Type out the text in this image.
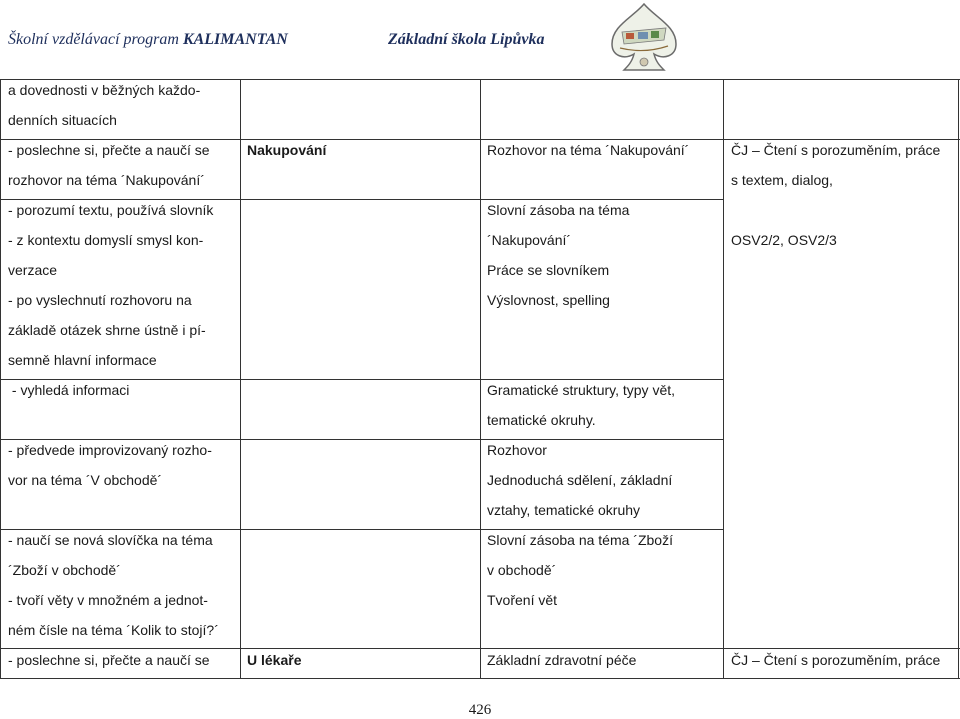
Školní vzdělávací program KALIMANTAN	Základní škola Lipůvka
a dovednosti v běžných každo-
denních situacích
- poslechne si, přečte a naučí se
rozhovor na téma ´Nakupování´
- porozumí textu, používá slovník
- z kontextu domyslí smysl kon-
verzace
- po vyslechnutí rozhovoru na
základě otázek shrne ústně i pí-
semně hlavní informace
- vyhledá informaci
- předvede improvizovaný rozho-
vor na téma ´V obchodě´
- naučí se nová slovíčka na téma
´Zboží v obchodě´
- tvoří věty v množném a jednot-
ném čísle na téma ´Kolik to stojí?´
- poslechne si, přečte a naučí se
Nakupování
U lékaře
Rozhovor na téma ´Nakupování´
Slovní zásoba na téma
´Nakupování´
Práce se slovníkem
Výslovnost, spelling
Gramatické struktury, typy vět,
tematické okruhy.
Rozhovor
Jednoduchá sdělení, základní
vztahy, tematické okruhy
Slovní zásoba na téma ´Zboží
v obchodě´
Tvoření vět
Základní zdravotní péče
ČJ – Čtení s porozuměním, práce
s textem, dialog,
OSV2/2, OSV2/3
ČJ – Čtení s porozuměním, práce
426
